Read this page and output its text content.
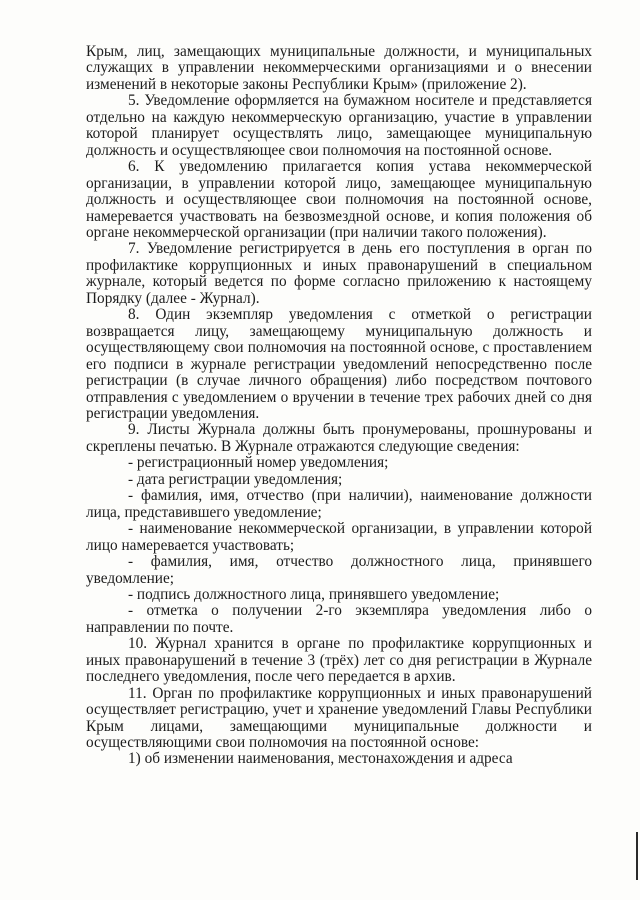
Крым, лиц, замещающих муниципальные должности, и муниципальных служащих в управлении некоммерческими организациями и о внесении изменений в некоторые законы Республики Крым» (приложение 2).

5. Уведомление оформляется на бумажном носителе и представляется отдельно на каждую некоммерческую организацию, участие в управлении которой планирует осуществлять лицо, замещающее муниципальную должность и осуществляющее свои полномочия на постоянной основе.

6. К уведомлению прилагается копия устава некоммерческой организации, в управлении которой лицо, замещающее муниципальную должность и осуществляющее свои полномочия на постоянной основе, намеревается участвовать на безвозмездной основе, и копия положения об органе некоммерческой организации (при наличии такого положения).

7. Уведомление регистрируется в день его поступления в орган по профилактике коррупционных и иных правонарушений в специальном журнале, который ведется по форме согласно приложению к настоящему Порядку (далее - Журнал).

8. Один экземпляр уведомления с отметкой о регистрации возвращается лицу, замещающему муниципальную должность и осуществляющему свои полномочия на постоянной основе, с проставлением его подписи в журнале регистрации уведомлений непосредственно после регистрации (в случае личного обращения) либо посредством почтового отправления с уведомлением о вручении в течение трех рабочих дней со дня регистрации уведомления.

9. Листы Журнала должны быть пронумерованы, прошнурованы и скреплены печатью. В Журнале отражаются следующие сведения:

- регистрационный номер уведомления;

- дата регистрации уведомления;

- фамилия, имя, отчество (при наличии), наименование должности лица, представившего уведомление;

- наименование некоммерческой организации, в управлении которой лицо намеревается участвовать;

- фамилия, имя, отчество должностного лица, принявшего уведомление;

- подпись должностного лица, принявшего уведомление;

- отметка о получении 2-го экземпляра уведомления либо о направлении по почте.

10. Журнал хранится в органе по профилактике коррупционных и иных правонарушений в течение 3 (трёх) лет со дня регистрации в Журнале последнего уведомления, после чего передается в архив.

11. Орган по профилактике коррупционных и иных правонарушений осуществляет регистрацию, учет и хранение уведомлений Главы Республики Крым лицами, замещающими муниципальные должности и осуществляющими свои полномочия на постоянной основе:

1) об изменении наименования, местонахождения и адреса
